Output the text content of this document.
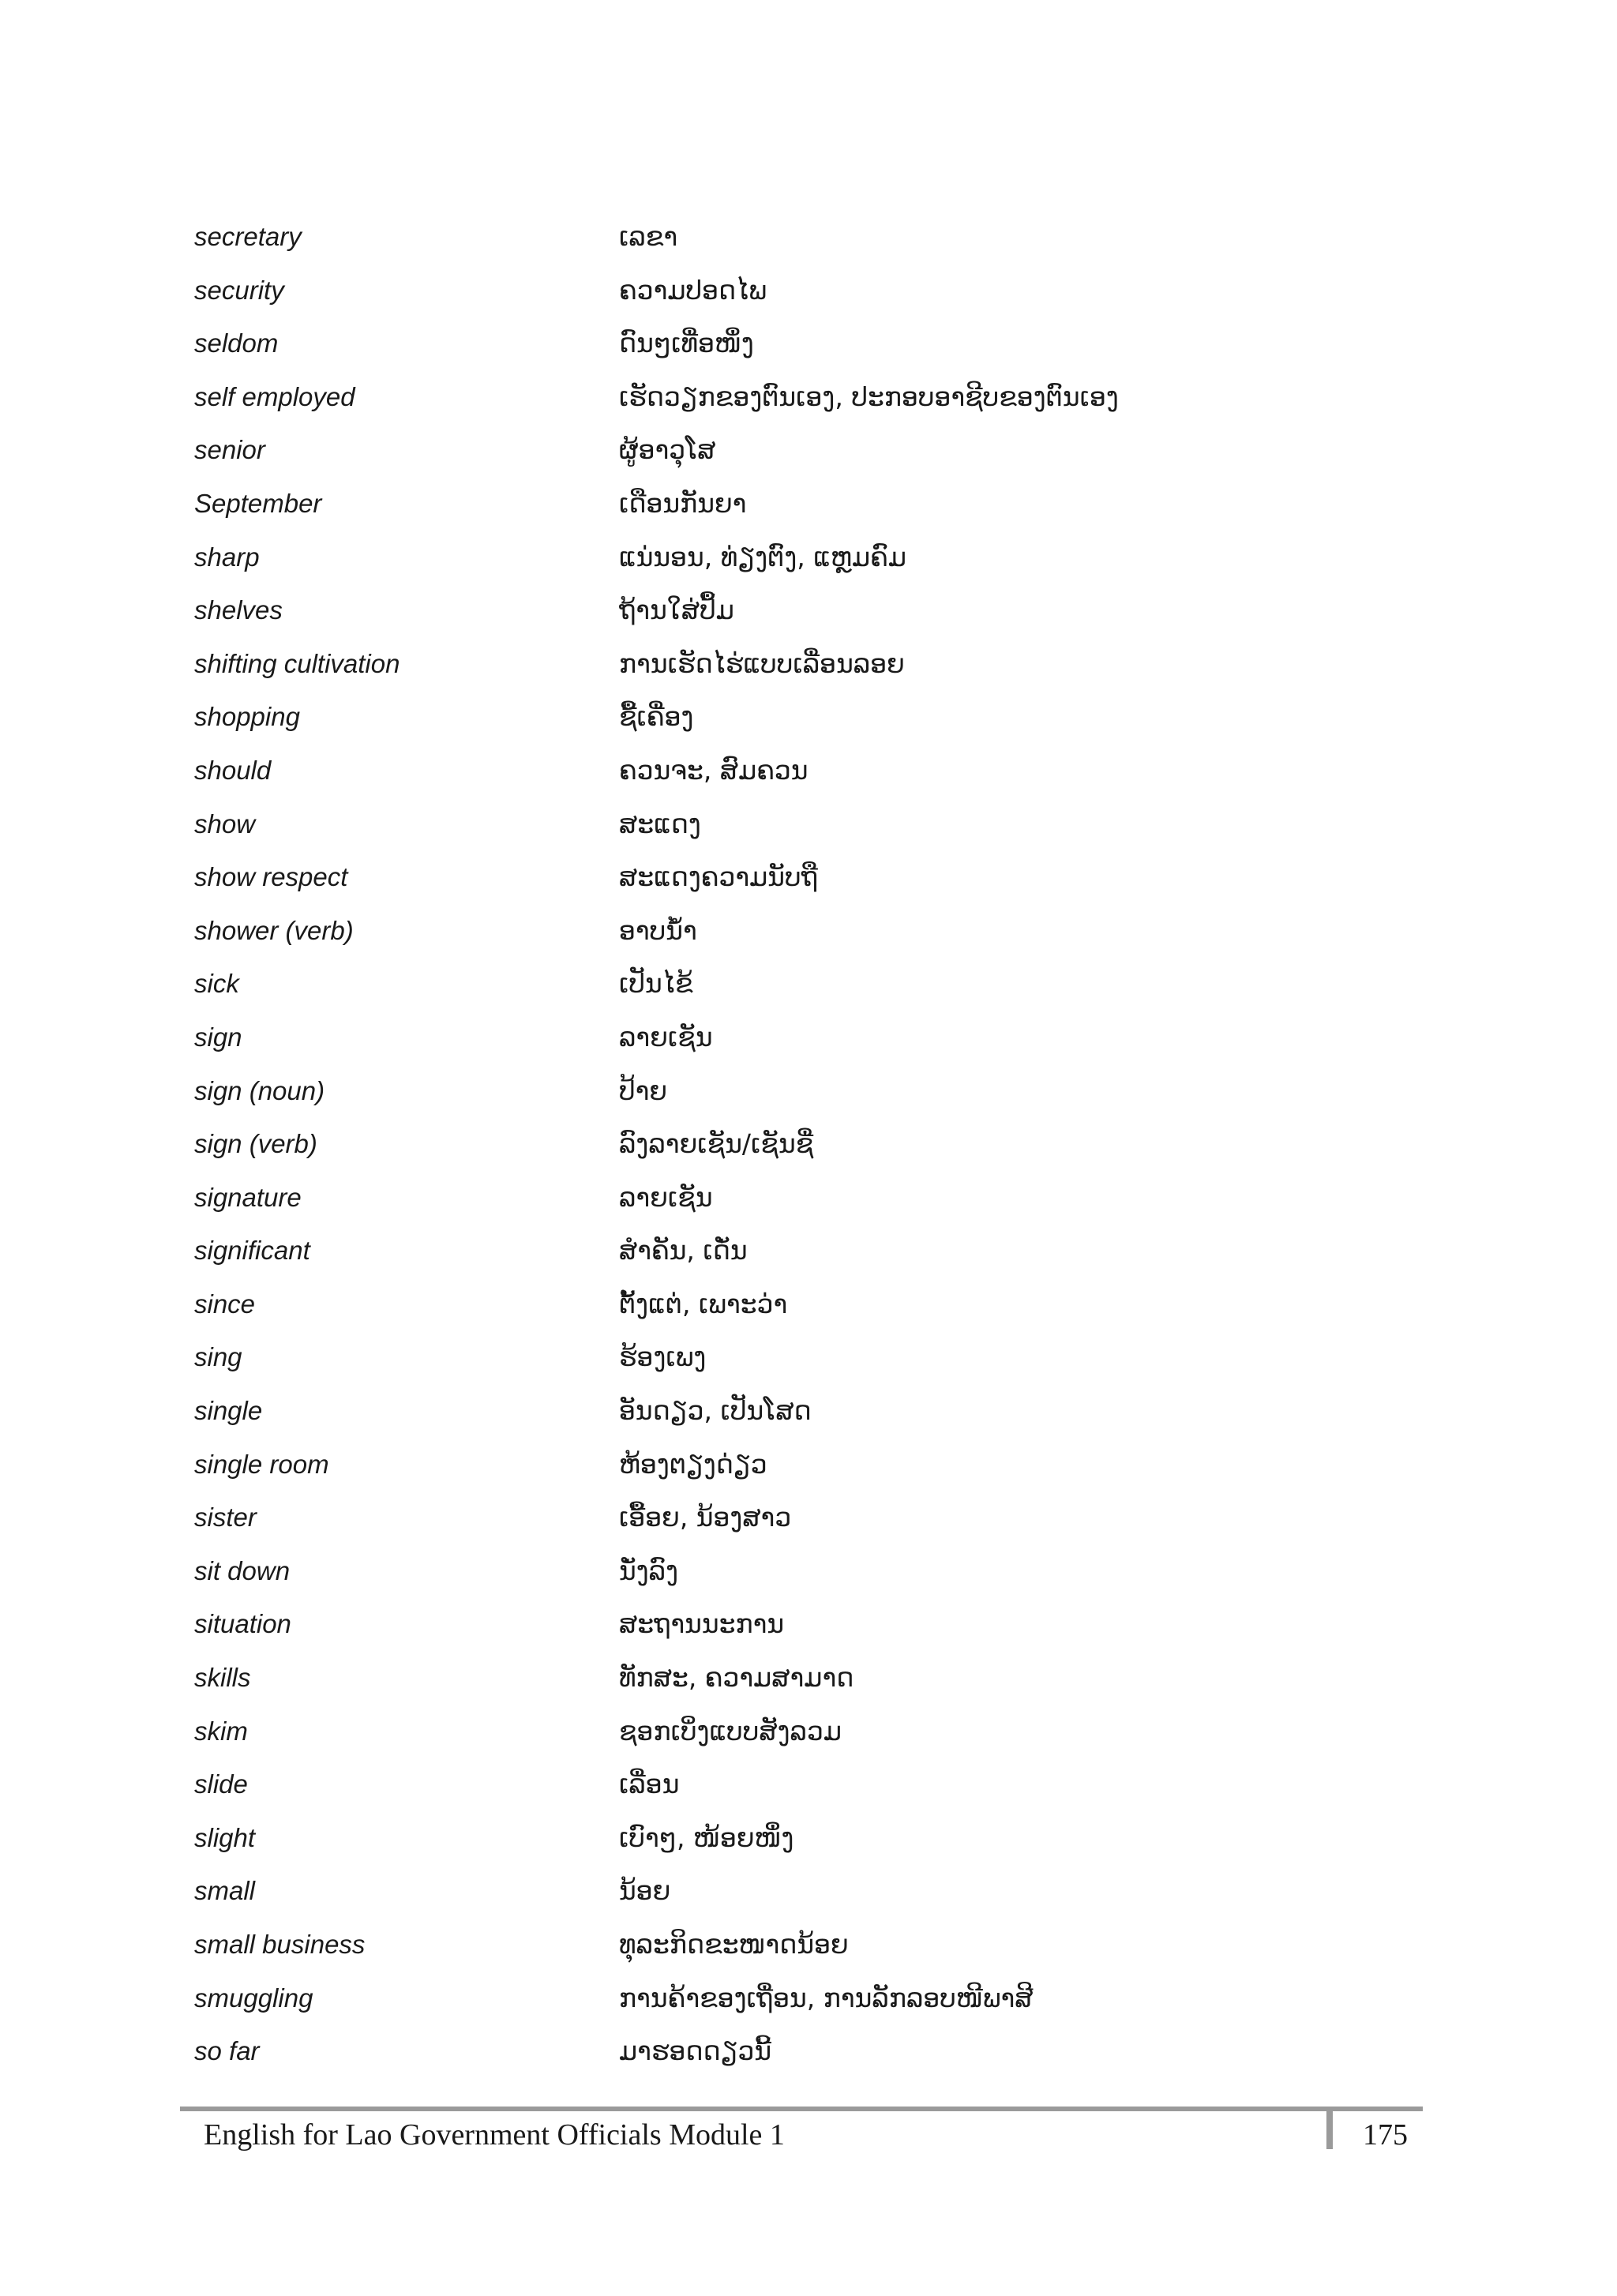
secretary	ເລຂາ
security	ຄວາມປອດໄພ
seldom	ດົນໆເທື່ອໜຶ່ງ
self employed	ເຮັດວຽກຂອງຕົນເອງ, ປະກອບອາຊີບຂອງຕົນເອງ
senior	ຜູ້ອາວຸໂສ
September	ເດືອນກັນຍາ
sharp	ແນ່ນອນ, ທ່ຽງຕົງ, ແຫຼມຄົມ
shelves	ຖ້ານໃສ່ປຶ້ມ
shifting cultivation	ການເຮັດໄຮ່ແບບເລື່ອນລອຍ
shopping	ຊື້ເຄື່ອງ
should	ຄວນຈະ, ສົມຄວນ
show	ສະແດງ
show respect	ສະແດງຄວາມນັບຖື
shower (verb)	ອາບນ້ຳ
sick	ເປັນໄຂ້
sign	ລາຍເຊັນ
sign (noun)	ປ້າຍ
sign (verb)	ລົງລາຍເຊັນ/ເຊັນຊື່
signature	ລາຍເຊັນ
significant	ສຳຄັນ, ເດັ່ນ
since	ຕັ້ງແຕ່, ເພາະວ່າ
sing	ຮ້ອງເພງ
single	ອັນດຽວ, ເປັນໂສດ
single room	ຫ້ອງຕຽງດ່ຽວ
sister	ເອື້ອຍ, ນ້ອງສາວ
sit down	ນັ່ງລົງ
situation	ສະຖານນະການ
skills	ທັກສະ, ຄວາມສາມາດ
skim	ຊອກເບິ່ງແບບສັງລວມ
slide	ເລື່ອນ
slight	ເບົາໆ, ໜ້ອຍໜຶ່ງ
small	ນ້ອຍ
small business	ທຸລະກິດຂະໜາດນ້ອຍ
smuggling	ການຄ້າຂອງເຖື່ອນ, ການລັກລອບໜີພາສີ
so far	ມາຮອດດຽວນີ້
English for Lao Government Officials Module 1	175
